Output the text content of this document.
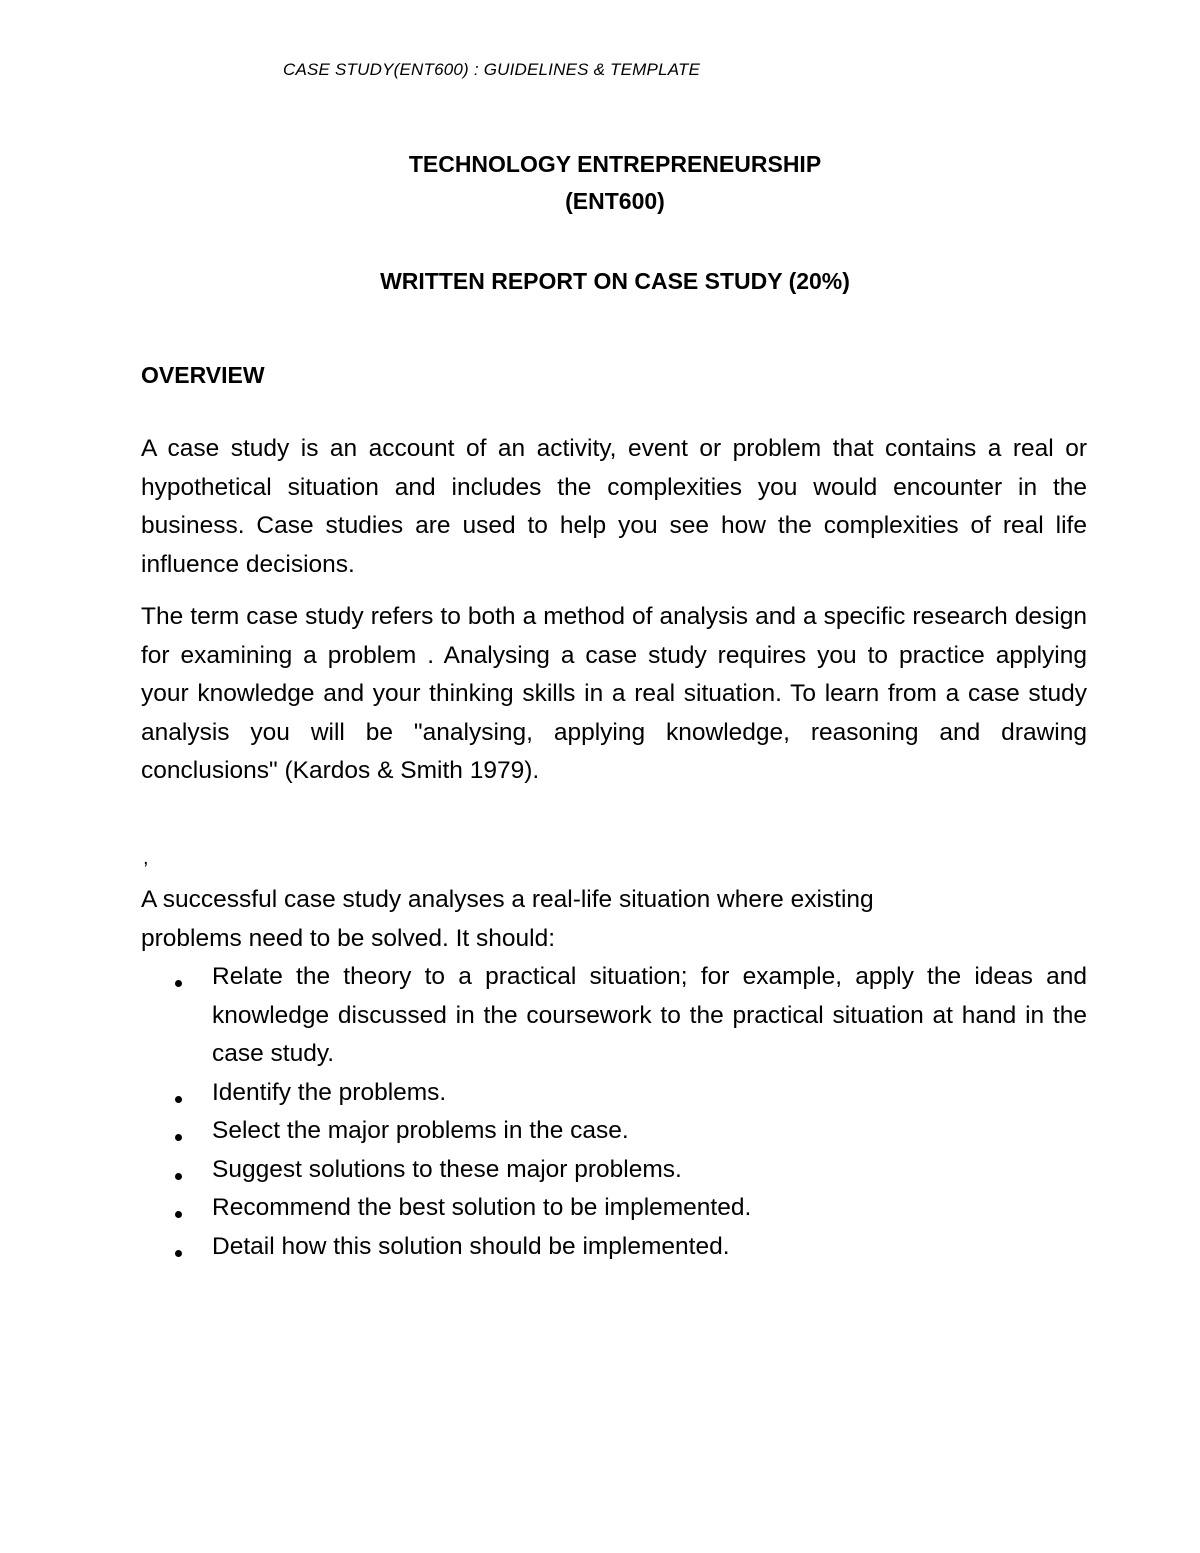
CASE STUDY(ENT600) : GUIDELINES & TEMPLATE
TECHNOLOGY ENTREPRENEURSHIP
(ENT600)
WRITTEN REPORT ON CASE STUDY (20%)
OVERVIEW

A case study is an account of an activity, event or problem that contains a real or hypothetical situation and includes the complexities you would encounter in the business. Case studies are used to help you see how the complexities of real life influence decisions.

The term case study refers to both a method of analysis and a specific research design for examining a problem . Analysing a case study requires you to practice applying your knowledge and your thinking skills in a real situation. To learn from a case study analysis you will be "analysing, applying knowledge, reasoning and drawing conclusions" (Kardos & Smith 1979).

,
A successful case study analyses a real-life situation where existing
problems need to be solved. It should:
Relate the theory to a practical situation; for example, apply the ideas and knowledge discussed in the coursework to the practical situation at hand in the case study.
Identify the problems.
Select the major problems in the case.
Suggest solutions to these major problems.
Recommend the best solution to be implemented.
Detail how this solution should be implemented.
